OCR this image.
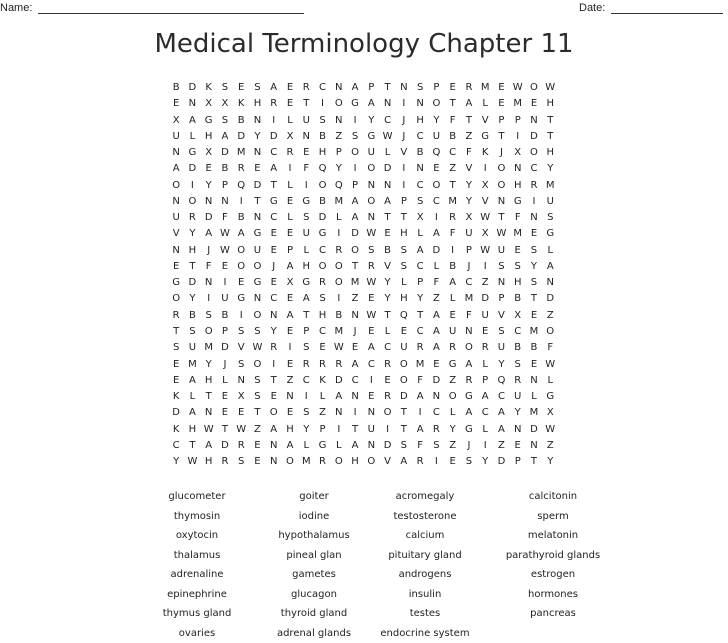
Name:	Date:
Medical Terminology Chapter 11
B D K S E S A E R C N A P	T N S	P	E R M E W O W
E N X X K H R E	T	I	O G A N	I	N O T A	L	E M E H
X A G S B N	I	L U S N	I	Y C	J	H Y	F	T V P	P N T
U L H A D Y D X N B Z S G W J	C U B Z G T	I	D T
N G X D M N C R E H P O U L	V B Q C F	K	J	X O H
A D E B R E A	I	F Q Y	I	O D	I	N E Z V	I	O N C Y
O	I	Y	P Q D T	L	I	O Q P N N	I	C O T	Y X O H R M
N O N N	I	T G E G B M A O A P	S C M Y V N G	I	U
U R D F B N C L	S D L	A N T	T X	I	R X W T	F N S
V Y A W A G E E U G	I	D W E H L	A F U X W M E G
N H	J W O U E	P	L C R O S B S A D	I	P W U E S	L
E	T	F	E O O	J	A H O O T R V S C L	B	J	I	S S	Y A
G D N	I	E G E X G R O M W Y	L	P	F A C Z N H S N
O Y	I	U G N C E A S	I	Z E	Y H Y Z	L M D P B T D
R B S B	I	O N A T H B N W T Q T A E	F U V X E Z
T	S O P	S S	Y	E	P C M	J	E	L	E C A U N E S C M O
S U M D V W R	I	S E W E A C U R A R O R U B B F
E M Y	J	S O	I	E R R R A C R O M E G A	L	Y	S E W
E A H L N S	T Z C K D C	I	E O F D Z R P Q R N L
K	L	T	E X S E N	I	L	A N E R D A N O G A C U L G
D A N E E	T O E S Z N	I	N O T	I	C L	A C A Y M X
K H W T W Z A H Y	P	I	T U	I	T A R Y G L	A N D W
C T A D R E N A	L G L	A N D S	F	S Z	J	I	Z E N Z
Y W H R S E N O M R O H O V A R	I	E S	Y D P	T	Y
glucometer	goiter	acromegaly	calcitonin
thymosin	iodine	testosterone	sperm
oxytocin	hypothalamus	calcium	melatonin
thalamus	pineal glan	pituitary gland	parathyroid glands
adrenaline	gametes	androgens	estrogen
epinephrine	glucagon	insulin	hormones
thymus gland	thyroid gland	testes	pancreas
ovaries	adrenal glands	endocrine system
